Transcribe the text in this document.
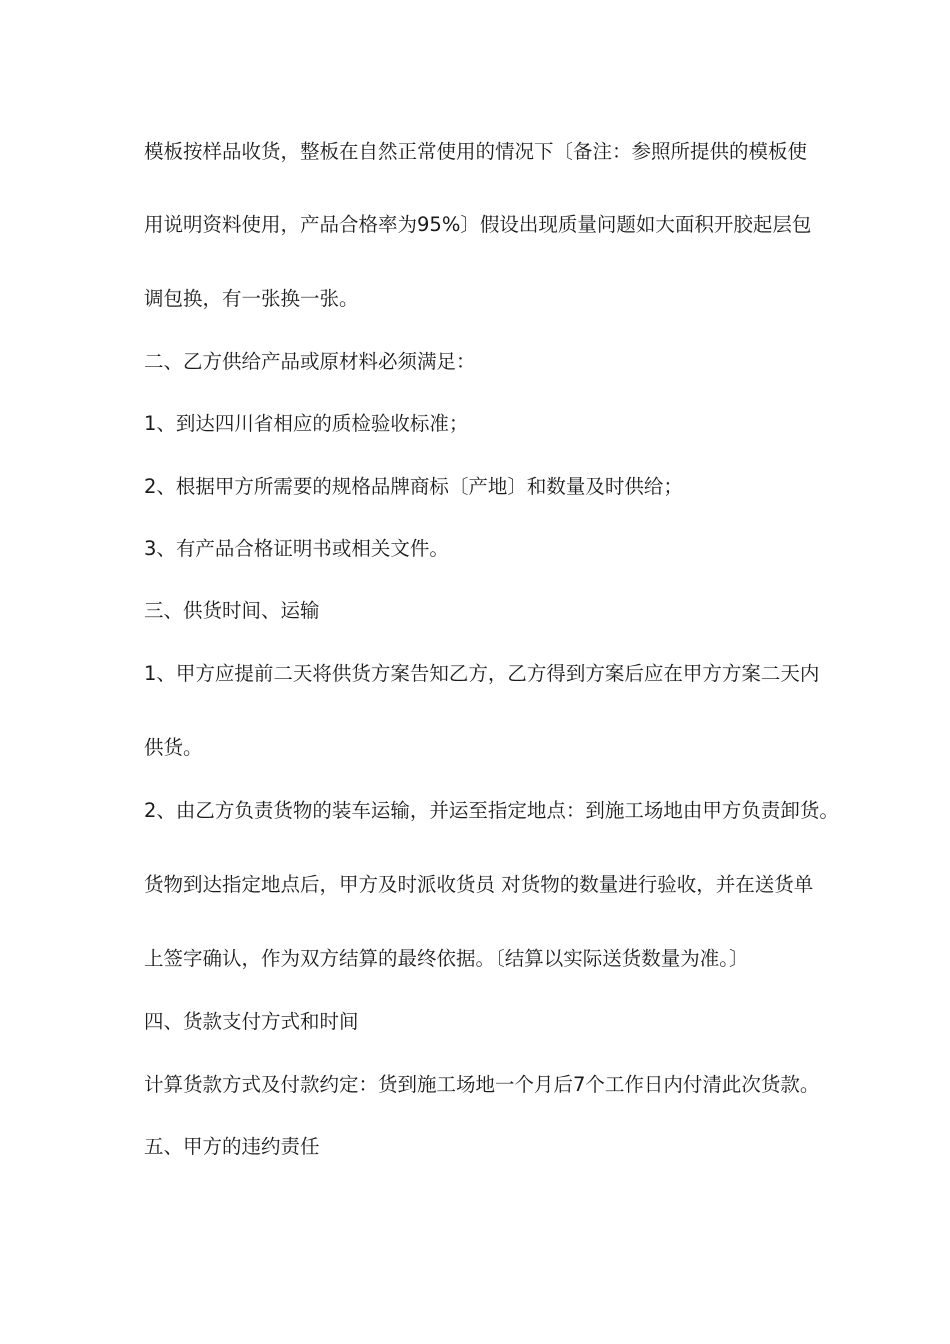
模板按样品收货，整板在自然正常使用的情况下〔备注：参照所提供的模板使
用说明资料使用，产品合格率为95%〕假设出现质量问题如大面积开胶起层包
调包换，有一张换一张。
二、乙方供给产品或原材料必须满足：
1、到达四川省相应的质检验收标准；
2、根据甲方所需要的规格品牌商标〔产地〕和数量及时供给；
3、有产品合格证明书或相关文件。
三、供货时间、运输
1、甲方应提前二天将供货方案告知乙方，乙方得到方案后应在甲方方案二天内
供货。
2、由乙方负责货物的装车运输，并运至指定地点：到施工场地由甲方负责卸货。
货物到达指定地点后，甲方及时派收货员 对货物的数量进行验收，并在送货单
上签字确认，作为双方结算的最终依据。〔结算以实际送货数量为准。〕
四、货款支付方式和时间
计算货款方式及付款约定：货到施工场地一个月后7个工作日内付清此次货款。
五、甲方的违约责任
